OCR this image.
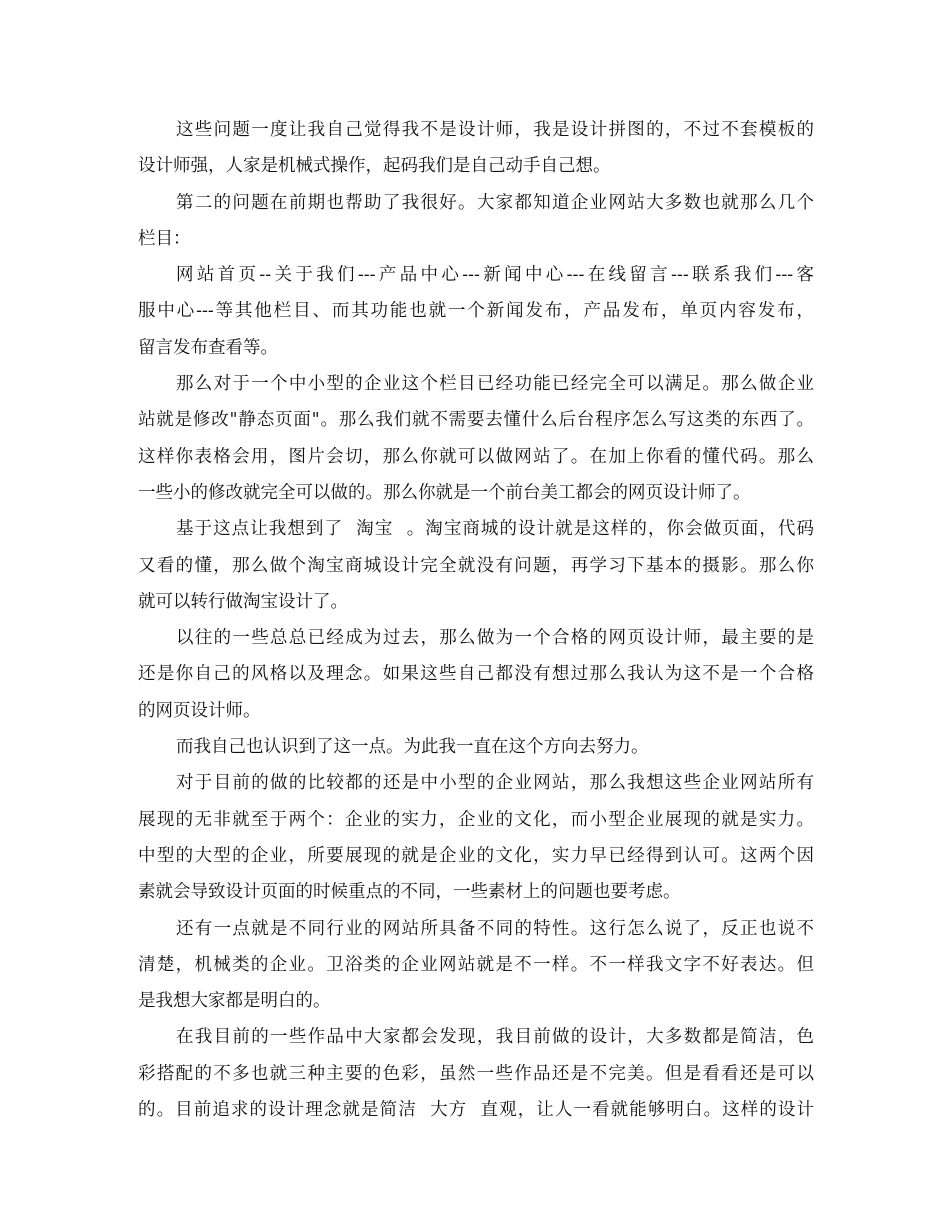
这些问题一度让我自己觉得我不是设计师，我是设计拼图的，不过不套模板的
设计师强，人家是机械式操作，起码我们是自己动手自己想。
第二的问题在前期也帮助了我很好。大家都知道企业网站大多数也就那么几个
栏目：
网站首页--关于我们---产品中心---新闻中心---在线留言---联系我们---客
服中心---等其他栏目、而其功能也就一个新闻发布，产品发布，单页内容发布，
留言发布查看等。
那么对于一个中小型的企业这个栏目已经功能已经完全可以满足。那么做企业
站就是修改"静态页面"。那么我们就不需要去懂什么后台程序怎么写这类的东西了。
这样你表格会用，图片会切，那么你就可以做网站了。在加上你看的懂代码。那么
一些小的修改就完全可以做的。那么你就是一个前台美工都会的网页设计师了。
基于这点让我想到了  淘宝  。淘宝商城的设计就是这样的，你会做页面，代码
又看的懂，那么做个淘宝商城设计完全就没有问题，再学习下基本的摄影。那么你
就可以转行做淘宝设计了。
以往的一些总总已经成为过去，那么做为一个合格的网页设计师，最主要的是
还是你自己的风格以及理念。如果这些自己都没有想过那么我认为这不是一个合格
的网页设计师。
而我自己也认识到了这一点。为此我一直在这个方向去努力。
对于目前的做的比较都的还是中小型的企业网站，那么我想这些企业网站所有
展现的无非就至于两个：企业的实力，企业的文化，而小型企业展现的就是实力。
中型的大型的企业，所要展现的就是企业的文化，实力早已经得到认可。这两个因
素就会导致设计页面的时候重点的不同，一些素材上的问题也要考虑。
还有一点就是不同行业的网站所具备不同的特性。这行怎么说了，反正也说不
清楚，机械类的企业。卫浴类的企业网站就是不一样。不一样我文字不好表达。但
是我想大家都是明白的。
在我目前的一些作品中大家都会发现，我目前做的设计，大多数都是简洁，色
彩搭配的不多也就三种主要的色彩，虽然一些作品还是不完美。但是看看还是可以
的。目前追求的设计理念就是简洁  大方  直观，让人一看就能够明白。这样的设计
